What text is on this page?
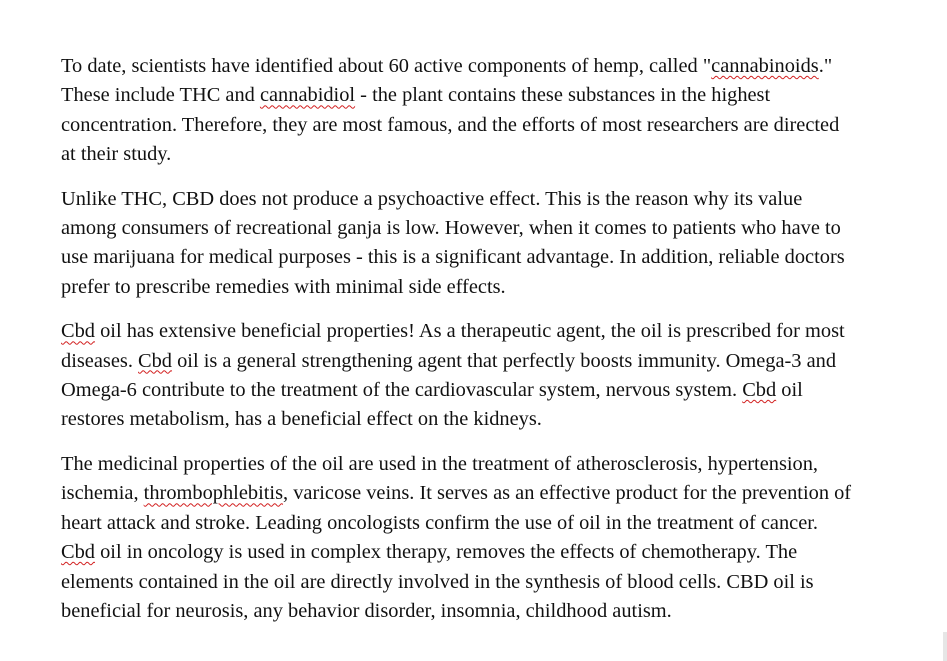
To date, scientists have identified about 60 active components of hemp, called "cannabinoids."
These include THC and cannabidiol - the plant contains these substances in the highest
concentration. Therefore, they are most famous, and the efforts of most researchers are directed
at their study.

Unlike THC, CBD does not produce a psychoactive effect. This is the reason why its value
among consumers of recreational ganja is low. However, when it comes to patients who have to
use marijuana for medical purposes - this is a significant advantage. In addition, reliable doctors
prefer to prescribe remedies with minimal side effects.

Cbd oil has extensive beneficial properties! As a therapeutic agent, the oil is prescribed for most
diseases. Cbd oil is a general strengthening agent that perfectly boosts immunity. Omega-3 and
Omega-6 contribute to the treatment of the cardiovascular system, nervous system. Cbd oil
restores metabolism, has a beneficial effect on the kidneys.

The medicinal properties of the oil are used in the treatment of atherosclerosis, hypertension,
ischemia, thrombophlebitis, varicose veins. It serves as an effective product for the prevention of
heart attack and stroke. Leading oncologists confirm the use of oil in the treatment of cancer.
Cbd oil in oncology is used in complex therapy, removes the effects of chemotherapy. The
elements contained in the oil are directly involved in the synthesis of blood cells. CBD oil is
beneficial for neurosis, any behavior disorder, insomnia, childhood autism.
